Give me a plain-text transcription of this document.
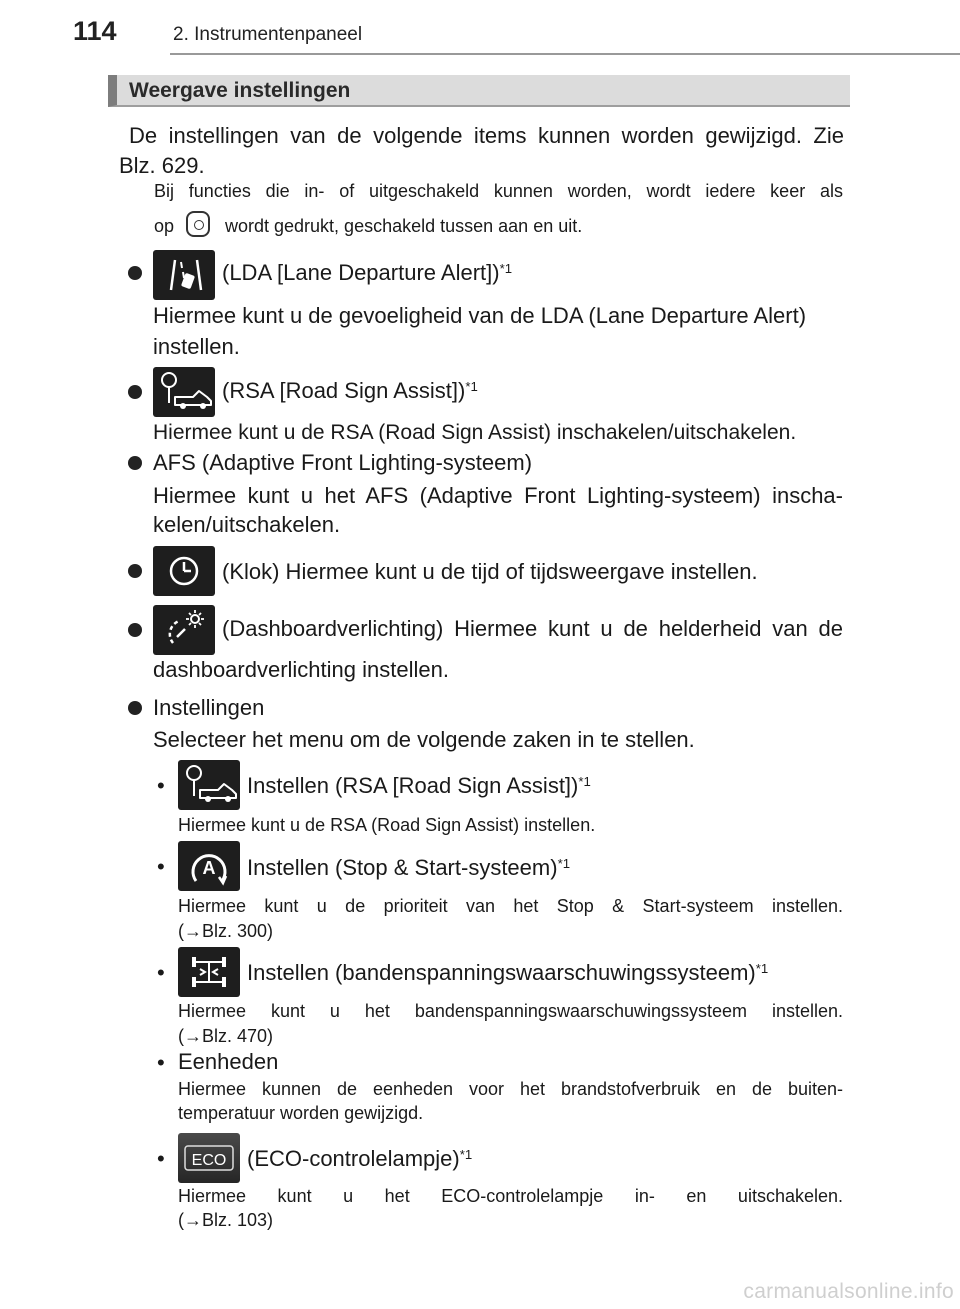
114	2. Instrumentenpaneel
Weergave instellingen
De instellingen van de volgende items kunnen worden gewijzigd. Zie
Blz. 629.
Bij functies die in- of uitgeschakeld kunnen worden, wordt iedere keer als
op	wordt gedrukt, geschakeld tussen aan en uit.
(LDA [Lane Departure Alert])$^{*1}$
Hiermee kunt u de gevoeligheid van de LDA (Lane Departure Alert)
instellen.
(RSA [Road Sign Assist])$^{*1}$
Hiermee kunt u de RSA (Road Sign Assist) inschakelen/uitschakelen.
AFS (Adaptive Front Lighting-systeem)
Hiermee kunt u het AFS (Adaptive Front Lighting-systeem) inscha-
kelen/uitschakelen.
(Klok) Hiermee kunt u de tijd of tijdsweergave instellen.
(Dashboardverlichting) Hiermee kunt u de helderheid van de
dashboardverlichting instellen.
Instellingen
Selecteer het menu om de volgende zaken in te stellen.
•	Instellen (RSA [Road Sign Assist])$^{*1}$
Hiermee kunt u de RSA (Road Sign Assist) instellen.
• A Instellen (Stop & Start-systeem)$^{*1}$
Hiermee kunt u de prioriteit van het Stop & Start-systeem instellen.
(→Blz. 300)
•	Instellen (bandenspanningswaarschuwingssysteem)$^{*1}$
Hiermee kunt u het bandenspanningswaarschuwingssysteem instellen.
(→Blz. 470)
• Eenheden
Hiermee kunnen de eenheden voor het brandstofverbruik en de buiten-
temperatuur worden gewijzigd.
• ECO (ECO-controlelampje)$^{*1}$
Hiermee kunt u het ECO-controlelampje in- en uitschakelen.
(→Blz. 103)
carmanualsonline.info
